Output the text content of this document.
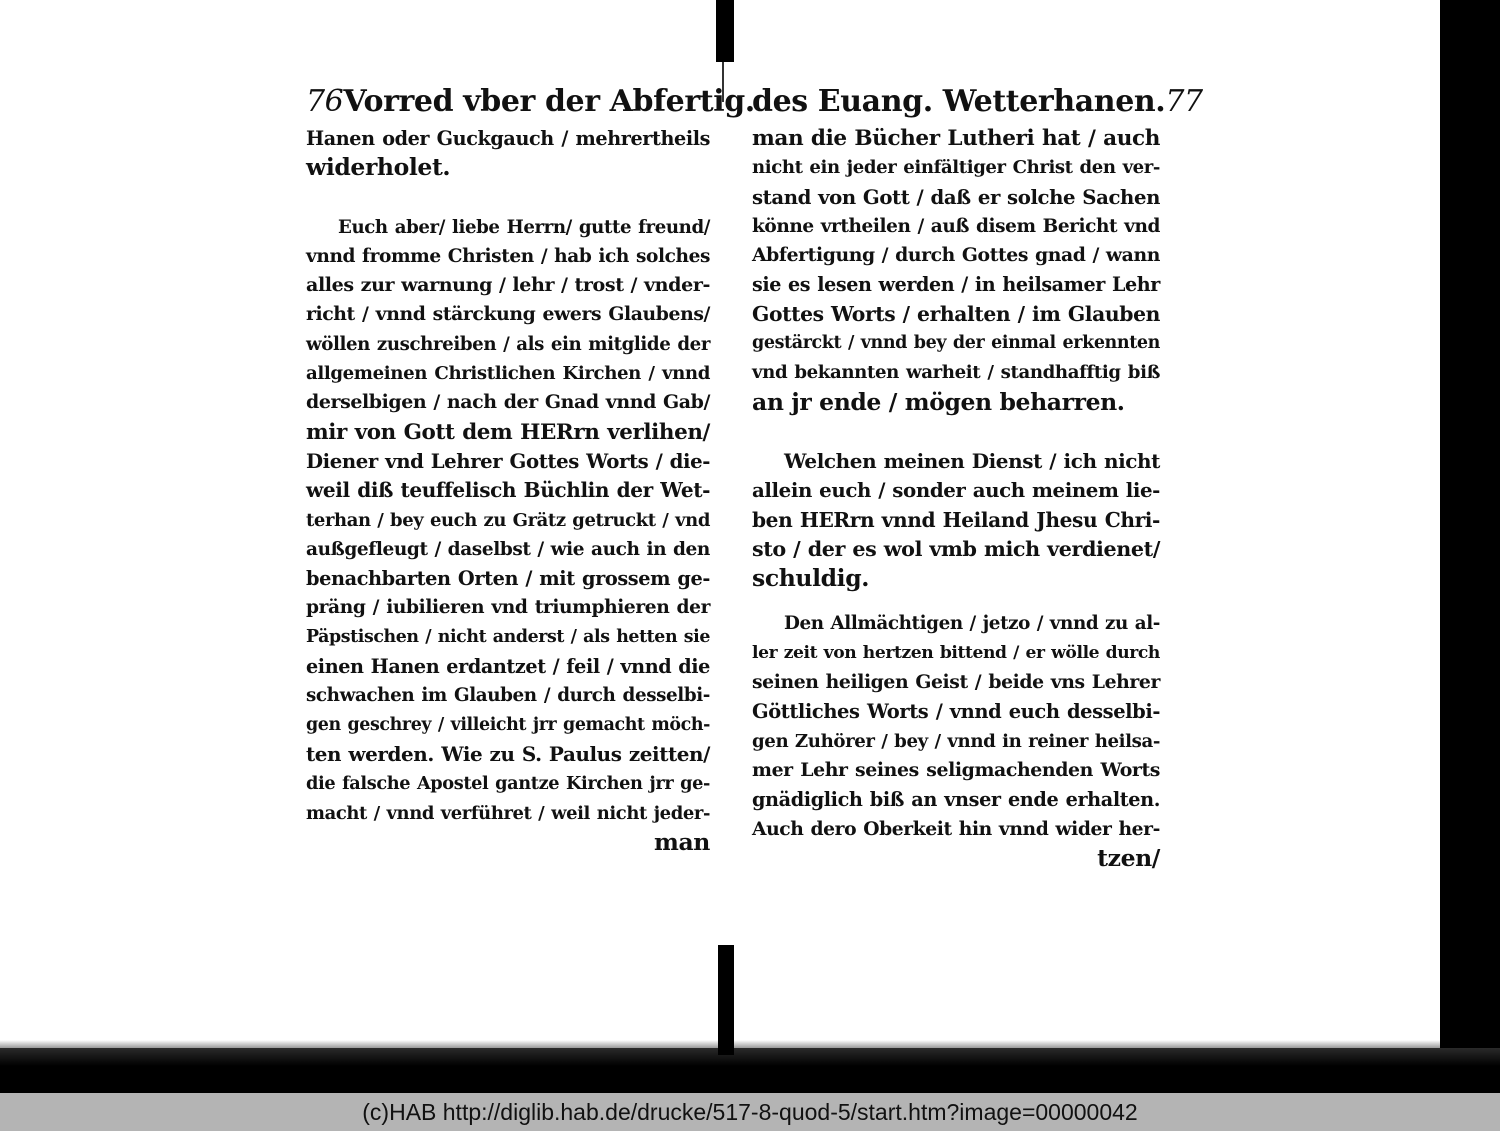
76 Vorred vber der Abfertig.
Hanen oder Guckgauch / mehrertheils
widerholet.
Euch aber/ liebe Herrn/ gutte freund/
vnnd fromme Christen / hab ich solches
alles zur warnung / lehr / trost / vnder-
richt / vnnd stärckung ewers Glaubens/
wöllen zuschreiben / als ein mitglide der
allgemeinen Christlichen Kirchen / vnnd
derselbigen / nach der Gnad vnnd Gab/
mir von Gott dem HERrn verlihen/
Diener vnd Lehrer Gottes Worts / die-
weil diß teuffelisch Büchlin der Wet-
terhan / bey euch zu Grätz getruckt / vnd
außgefleugt / daselbst / wie auch in den
benachbarten Orten / mit grossem ge-
präng / iubilieren vnd triumphieren der
Päpstischen / nicht anderst / als hetten sie
einen Hanen erdantzet / feil / vnnd die
schwachen im Glauben / durch desselbi-
gen geschrey / villeicht jrr gemacht möch-
ten werden. Wie zu S. Paulus zeitten/
die falsche Apostel gantze Kirchen jrr ge-
macht / vnnd verführet / weil nicht jeder-
man
des Euang. Wetterhanen. 77
man die Bücher Lutheri hat / auch
nicht ein jeder einfältiger Christ den ver-
stand von Gott / daß er solche Sachen
könne vrtheilen / auß disem Bericht vnd
Abfertigung / durch Gottes gnad / wann
sie es lesen werden / in heilsamer Lehr
Gottes Worts / erhalten / im Glauben
gestärckt / vnnd bey der einmal erkennten
vnd bekannten warheit / standhafftig biß
an jr ende / mögen beharren.
Welchen meinen Dienst / ich nicht
allein euch / sonder auch meinem lie-
ben HERrn vnnd Heiland Jhesu Chri-
sto / der es wol vmb mich verdienet/
schuldig.
Den Allmächtigen / jetzo / vnnd zu al-
ler zeit von hertzen bittend / er wölle durch
seinen heiligen Geist / beide vns Lehrer
Göttliches Worts / vnnd euch desselbi-
gen Zuhörer / bey / vnnd in reiner heilsa-
mer Lehr seines seligmachenden Worts
gnädiglich biß an vnser ende erhalten.
Auch dero Oberkeit hin vnnd wider her-
tzen/
(c)HAB http://diglib.hab.de/drucke/517-8-quod-5/start.htm?image=00000042
